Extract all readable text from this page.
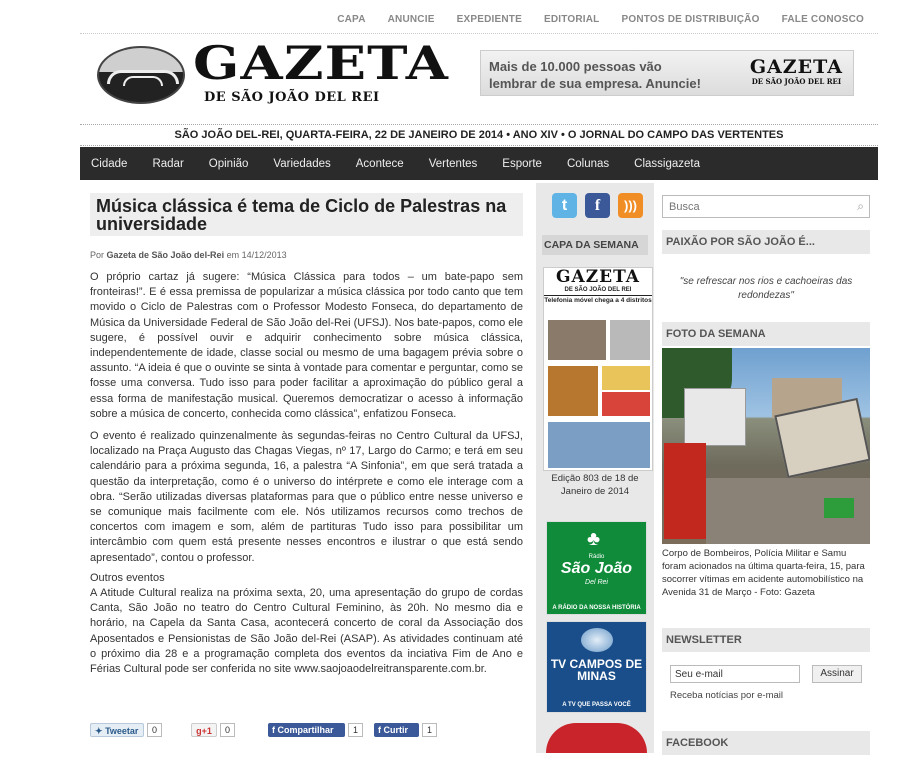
CAPA	ANUNCIE	EXPEDIENTE	EDITORIAL	PONTOS DE DISTRIBUIÇÃO	FALE CONOSCO
GAZETA
DE SÃO JOÃO DEL REI
Mais de 10.000 pessoas vão
lembrar de sua empresa. Anuncie!
GAZETA
DE SÃO JOÃO DEL REI
SÃO JOÃO DEL-REI, QUARTA-FEIRA, 22 DE JANEIRO DE 2014 • ANO XIV • O JORNAL DO CAMPO DAS VERTENTES
Cidade Radar Opinião Variedades Acontece Vertentes Esporte Colunas Classigazeta
Música clássica é tema de Ciclo de Palestras na universidade
Por Gazeta de São João del-Rei em 14/12/2013

O próprio cartaz já sugere: “Música Clássica para todos – um bate-papo sem fronteiras!”. E é essa premissa de popularizar a música clássica por todo canto que tem movido o Ciclo de Palestras com o Professor Modesto Fonseca, do departamento de Música da Universidade Federal de São João del-Rei (UFSJ). Nos bate-papos, como ele sugere, é possível ouvir e adquirir conhecimento sobre música clássica, independentemente de idade, classe social ou mesmo de uma bagagem prévia sobre o assunto. “A ideia é que o ouvinte se sinta à vontade para comentar e perguntar, como se fosse uma conversa. Tudo isso para poder facilitar a aproximação do público geral a essa forma de manifestação musical. Queremos democratizar o acesso à informação sobre a música de concerto, conhecida como clássica”, enfatizou Fonseca.

O evento é realizado quinzenalmente às segundas-feiras no Centro Cultural da UFSJ, localizado na Praça Augusto das Chagas Viegas, nº 17, Largo do Carmo; e terá em seu calendário para a próxima segunda, 16, a palestra “A Sinfonia”, em que será tratada a questão da interpretação, como é o universo do intérprete e como ele interage com a obra. “Serão utilizadas diversas plataformas para que o público entre nesse universo e se comunique mais facilmente com ele. Nós utilizamos recursos como trechos de concertos com imagem e som, além de partituras Tudo isso para possibilitar um intercâmbio com quem está presente nesses encontros e ilustrar o que está sendo apresentado”, contou o professor.

Outros eventos

A Atitude Cultural realiza na próxima sexta, 20, uma apresentação do grupo de cordas Canta, São João no teatro do Centro Cultural Feminino, às 20h. No mesmo dia e horário, na Capela da Santa Casa, acontecerá concerto de coral da Associação dos Aposentados e Pensionistas de São João del-Rei (ASAP). As atividades continuam até o próximo dia 28 e a programação completa dos eventos da inciativa Fim de Ano e Férias Cultural pode ser conferida no site www.saojoaodelreitransparente.com.br.

✦ Tweetar	0	g+1	0	f Compartilhar	1	f Curtir	1
t	f	)))
CAPA DA SEMANA
GAZETA
DE SÃO JOÃO DEL REI
Telefonia móvel chega a 4 distritos
Edição 803 de 18 de Janeiro de 2014
♣
Rádio
São João
Del Rei
A RÁDIO DA NOSSA HISTÓRIA
TV CAMPOS DE MINAS
A TV QUE PASSA VOCÊ
Busca
⌕
PAIXÃO POR SÃO JOÃO É...
"se refrescar nos rios e cachoeiras das redondezas"
FOTO DA SEMANA
Corpo de Bombeiros, Polícia Militar e Samu foram acionados na última quarta-feira, 15, para socorrer vítimas em acidente automobilístico na Avenida 31 de Março - Foto: Gazeta
NEWSLETTER
Seu e-mail
Assinar
Receba notícias por e-mail
FACEBOOK
